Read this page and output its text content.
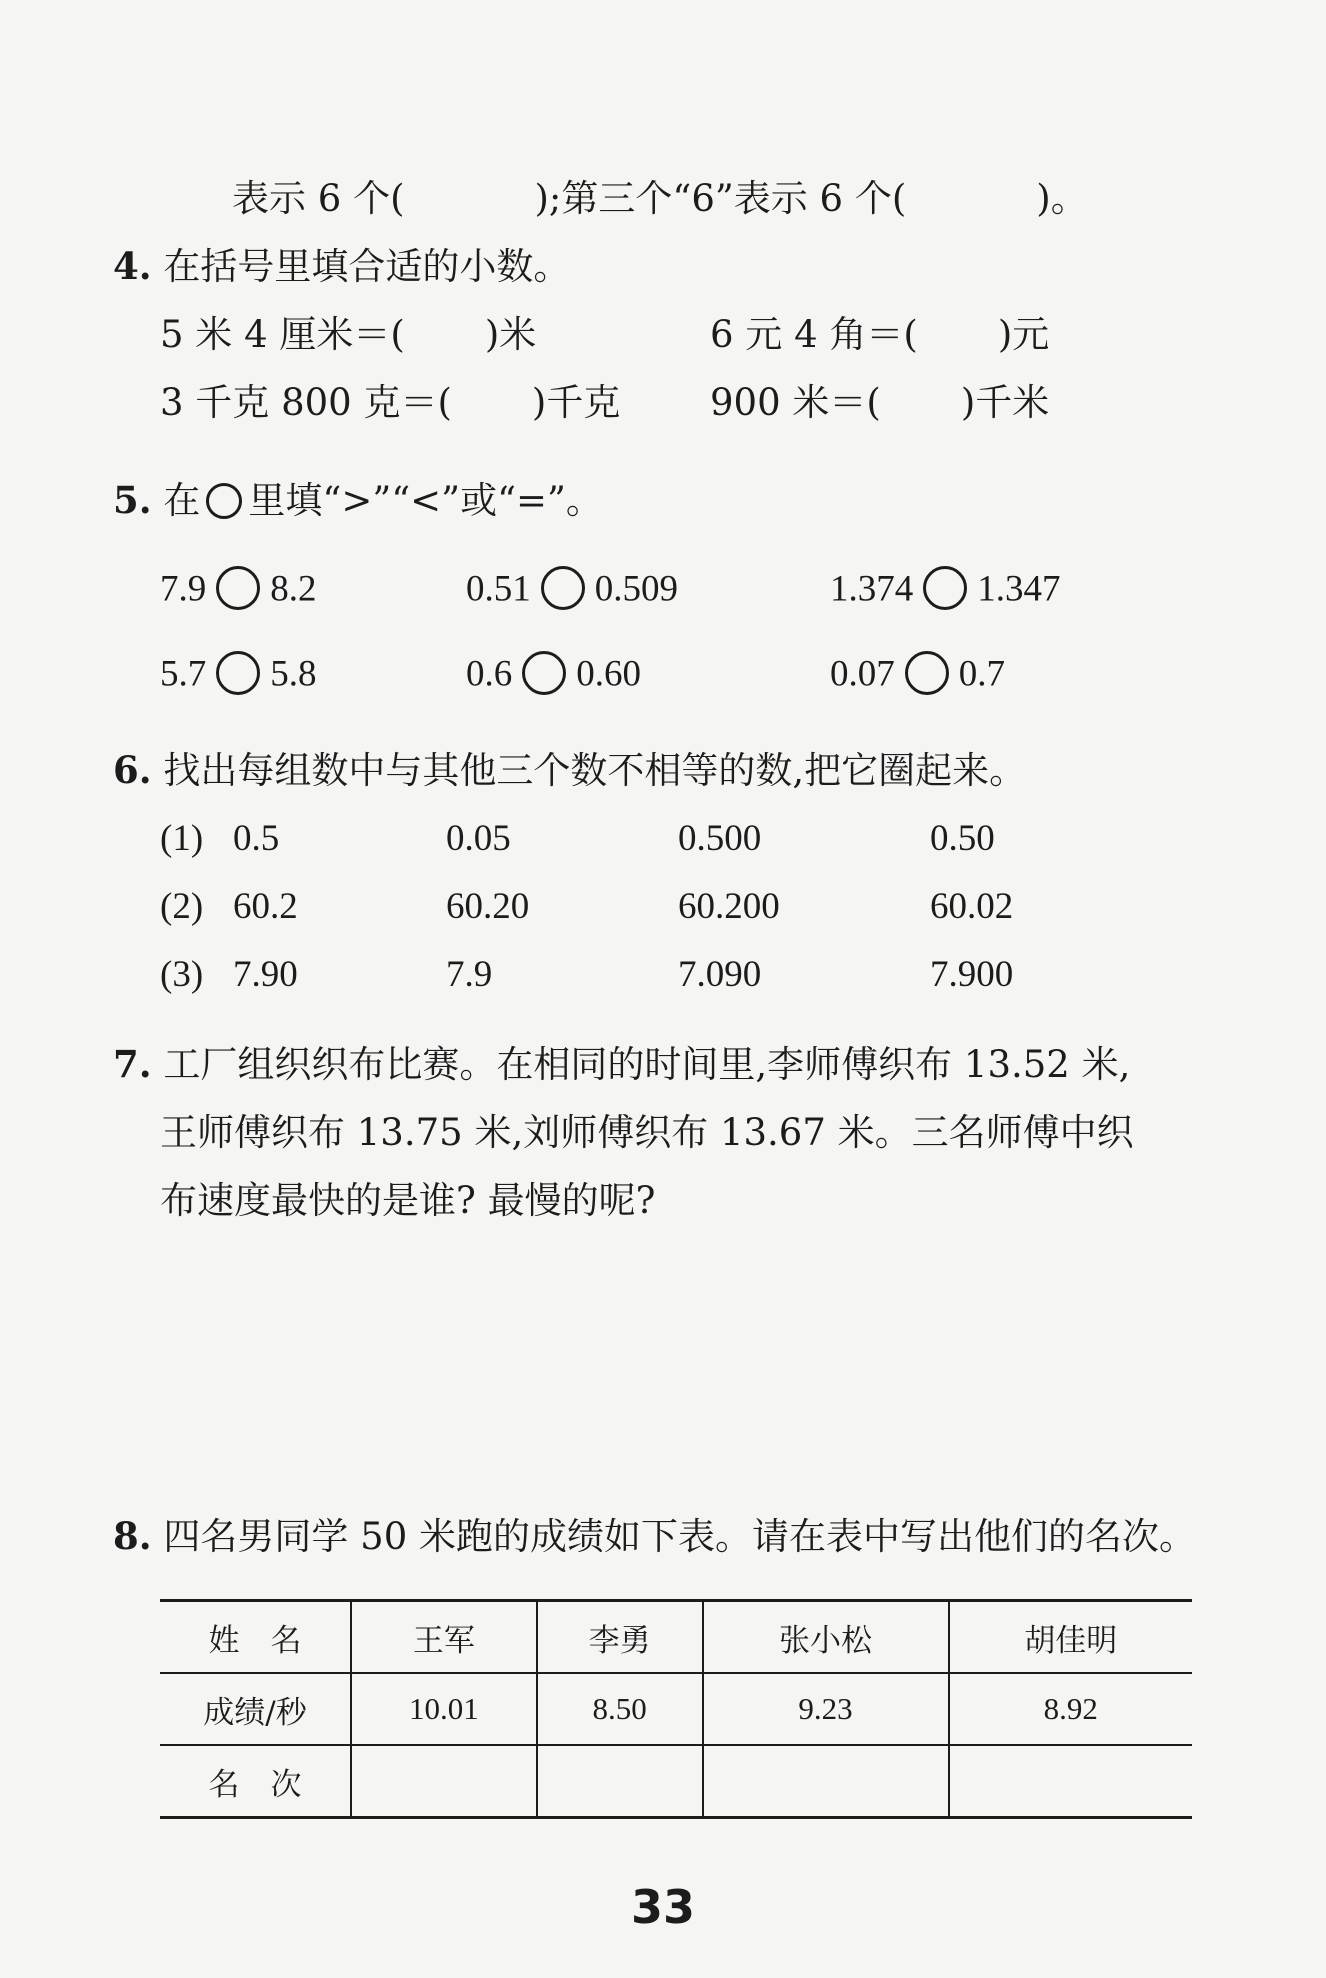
表示 6 个(	);第三个“6”表示 6 个(	)。
4. 在括号里填合适的小数。
5 米 4 厘米＝( )米	6 元 4 角＝( )元
3 千克 800 克＝( )千克 900 米＝( )千米
5. 在 里填“>”“<”或“=”。
7.9 8.2	0.51 0.509	1.374 1.347
5.7 5.8	0.6 0.60	0.07 0.7
6. 找出每组数中与其他三个数不相等的数,把它圈起来。
(1) 0.5	0.05	0.500	0.50
(2) 60.2	60.20	60.200	60.02
(3) 7.90	7.9	7.090	7.900
7. 工厂组织织布比赛。在相同的时间里,李师傅织布 13.52 米,
王师傅织布 13.75 米,刘师傅织布 13.67 米。三名师傅中织
布速度最快的是谁? 最慢的呢?
8. 四名男同学 50 米跑的成绩如下表。请在表中写出他们的名次。
姓　名	王军	李勇	张小松	胡佳明
成绩/秒	10.01	8.50	9.23	8.92
名　次				
33
